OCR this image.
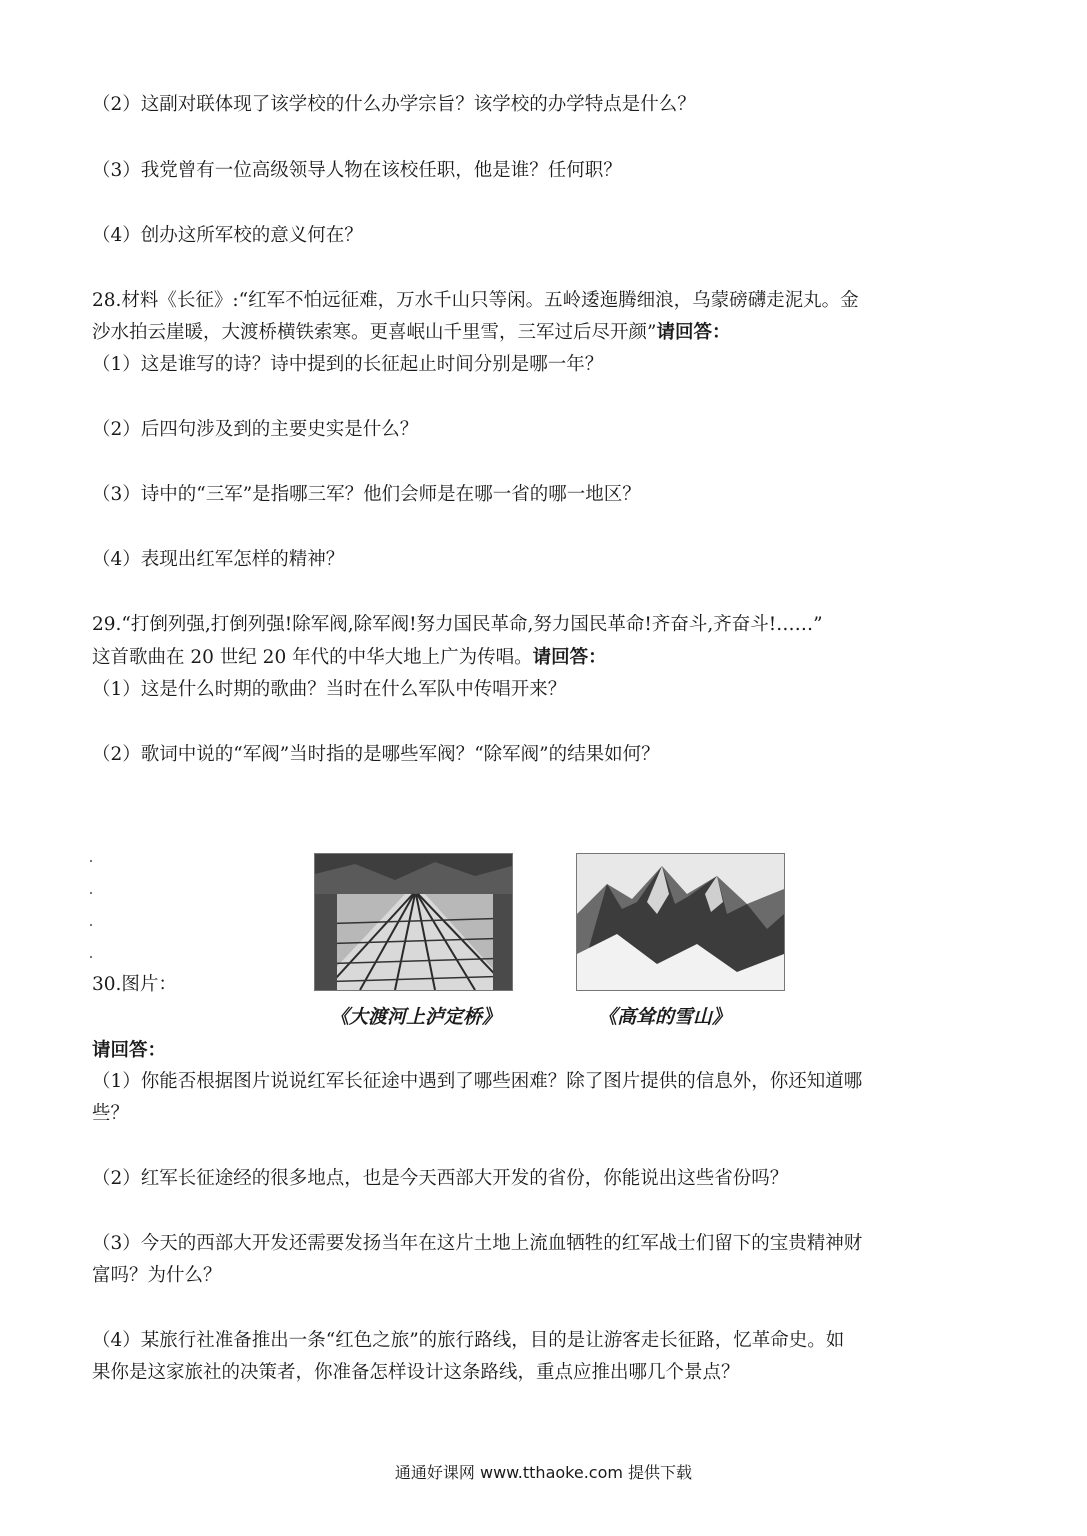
（2）这副对联体现了该学校的什么办学宗旨？该学校的办学特点是什么？
（3）我党曾有一位高级领导人物在该校任职，他是谁？任何职？
（4）创办这所军校的意义何在？
28.材料《长征》:“红军不怕远征难，万水千山只等闲。五岭逶迤腾细浪，乌蒙磅礴走泥丸。金
沙水拍云崖暖，大渡桥横铁索寒。更喜岷山千里雪，三军过后尽开颜”请回答：
（1）这是谁写的诗？诗中提到的长征起止时间分别是哪一年？
（2）后四句涉及到的主要史实是什么？
（3）诗中的“三军”是指哪三军？他们会师是在哪一省的哪一地区？
（4）表现出红军怎样的精神？
29.“打倒列强,打倒列强!除军阀,除军阀!努力国民革命,努力国民革命!齐奋斗,齐奋斗!……”
这首歌曲在 20 世纪 20 年代的中华大地上广为传唱。请回答：
（1）这是什么时期的歌曲？当时在什么军队中传唱开来？
（2）歌词中说的“军阀”当时指的是哪些军阀？“除军阀”的结果如何？
30.图片：
《大渡河上泸定桥》	《高耸的雪山》
请回答：
（1）你能否根据图片说说红军长征途中遇到了哪些困难？除了图片提供的信息外，你还知道哪
些？
（2）红军长征途经的很多地点，也是今天西部大开发的省份，你能说出这些省份吗？
（3）今天的西部大开发还需要发扬当年在这片土地上流血牺牲的红军战士们留下的宝贵精神财
富吗？为什么？
（4）某旅行社准备推出一条“红色之旅”的旅行路线，目的是让游客走长征路，忆革命史。如
果你是这家旅社的决策者，你准备怎样设计这条路线，重点应推出哪几个景点？
通通好课网 www.tthaoke.com 提供下载
